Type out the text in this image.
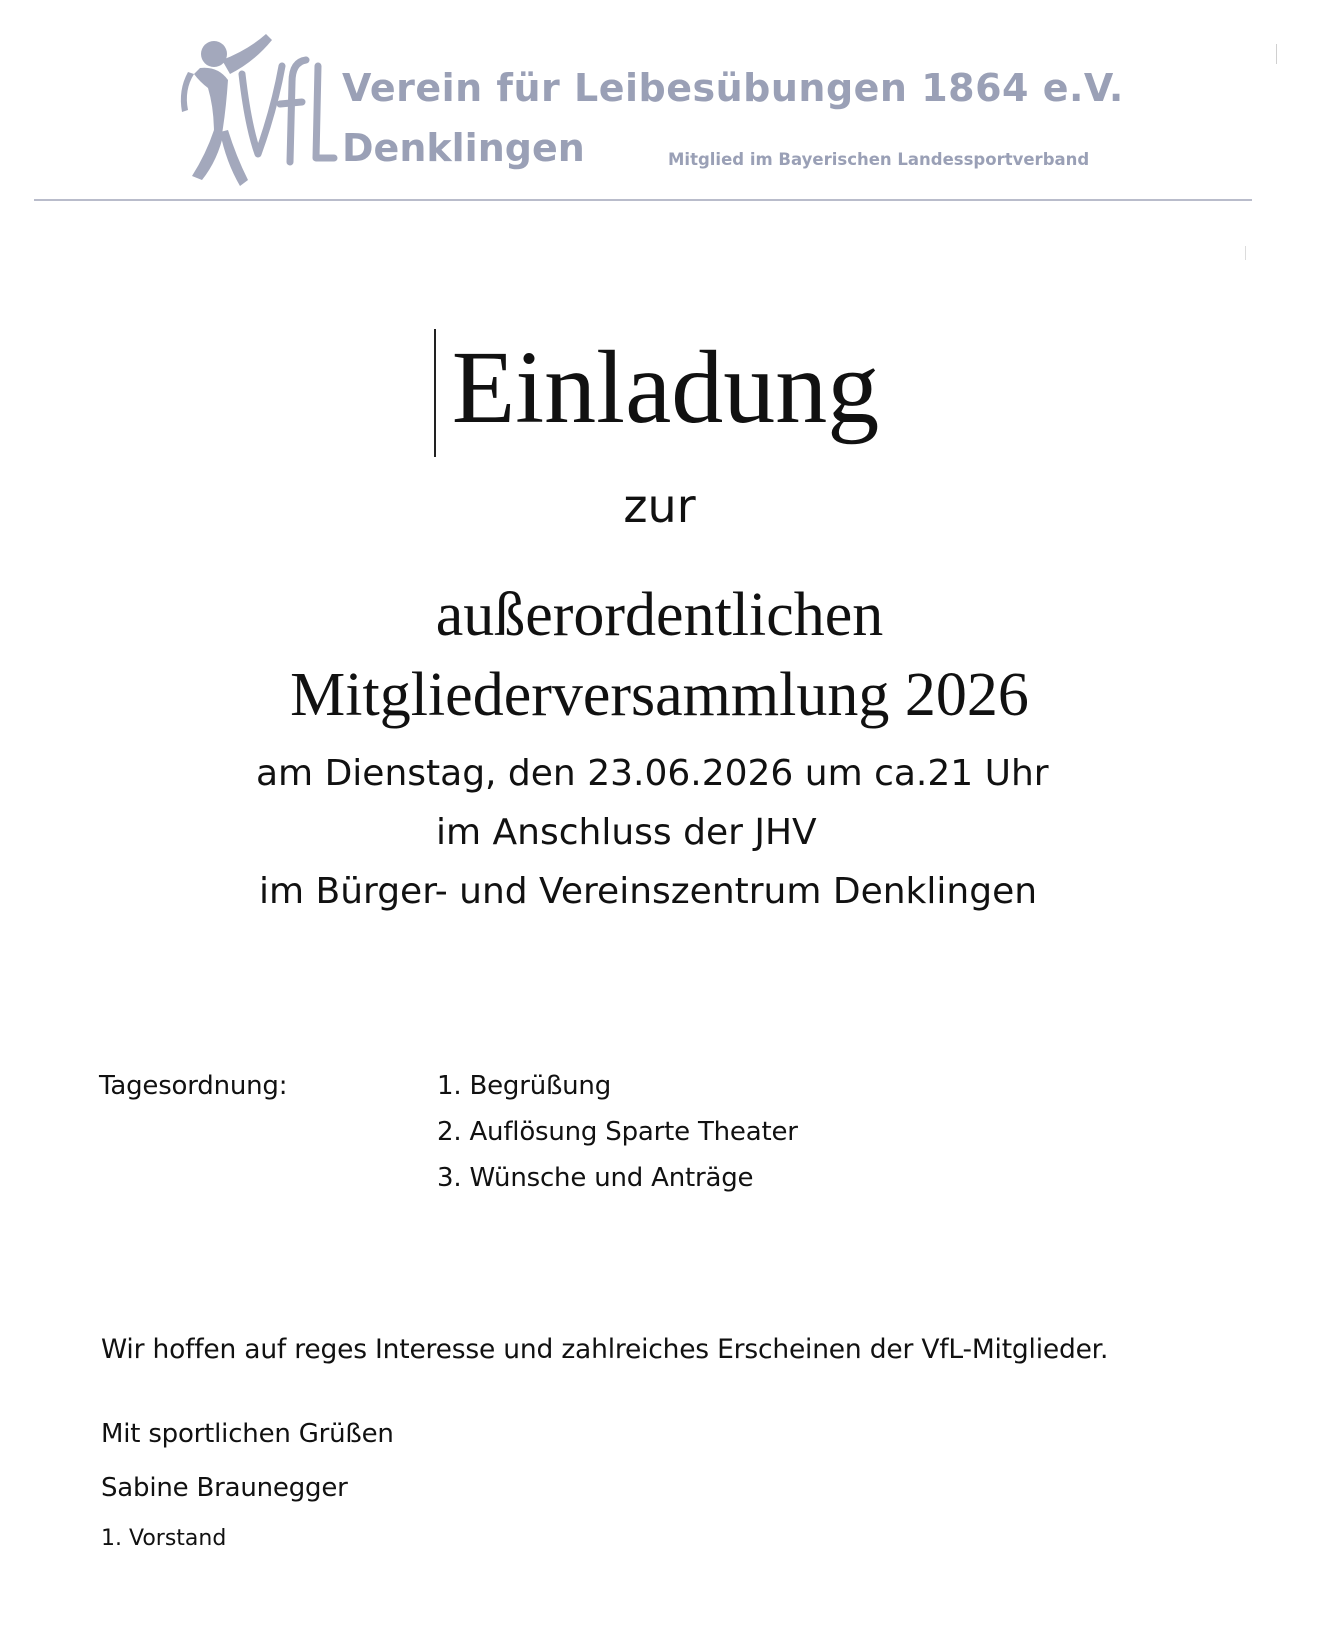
VfL
Verein für Leibesübungen 1864 e.V.
Denklingen	Mitglied im Bayerischen Landessportverband
Einladung
zur
außerordentlichen
Mitgliederversammlung 2026
am Dienstag, den 23.06.2026 um ca.21 Uhr
im Anschluss der JHV
im Bürger- und Vereinszentrum Denklingen
Tagesordnung:	1. Begrüßung
2. Auflösung Sparte Theater
3. Wünsche und Anträge
Wir hoffen auf reges Interesse und zahlreiches Erscheinen der VfL-Mitglieder.
Mit sportlichen Grüßen
Sabine Braunegger
1. Vorstand
